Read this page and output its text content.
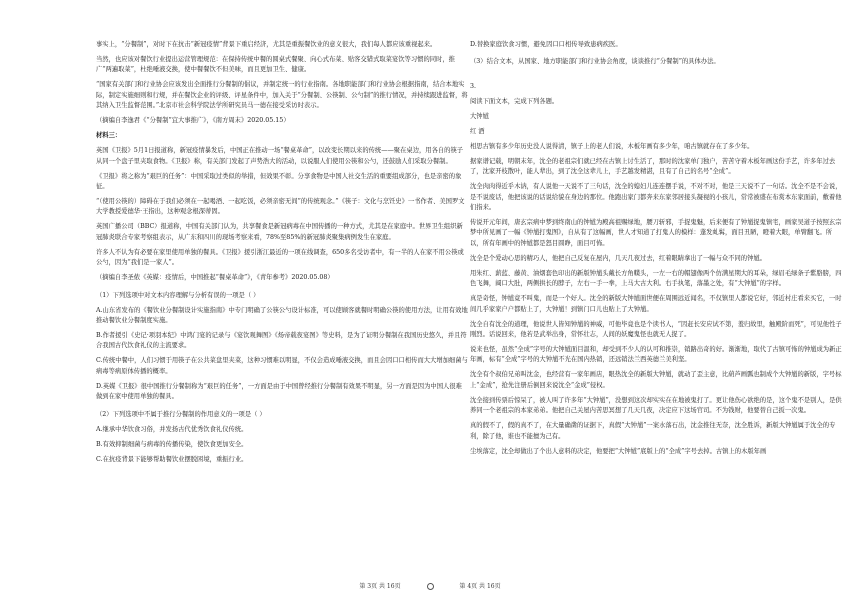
事实上，“分餐制”，对时下在抗击“新冠疫情”背景下重启经济，尤其是重振餐饮业的意义很大，我们每人都应该重视起来。

当然，也应该对餐饮行业提出运营管理规范：在保持传统中餐的圆桌式餐聚、向心式布菜、贴客交错式取菜宴饮等习惯的同时，推广“两遍取菜”，杜绝唾液交换，使中餐餐饮不但美味，而且更加卫生、健康。

“国家有关部门和行业协会应该发出全面推行分餐制的倡议，并制定统一的行业指南。各地职能部门和行业协会根据指南，结合本地实际，制定实施细则和行规，并在餐饮企业的评级、评星条件中，加入关于“分餐制、公筷制、公勺制”的推行情况，并持续跟进监督，将其纳入卫生监督范围。”北京市社会科学院法学所研究员马一德在接受采访时表示。

（摘编自李逸君《“分餐制”宜大事推广》，《南方周末》2020.05.15）

材料三：

英国《卫报》5月1日报道称，新冠疫情暴发后，中国正在推动一场“餐桌革命”，以改变长期以来的传统——聚在桌边，用各自的筷子从同一个盘子里夹取食物。《卫报》称，有关部门发起了声势浩大的活动，以说服人们使用公筷和公勺，还鼓励人们采取分餐制。

《卫报》将之称为“艰巨的任务”：中国采取过类似的举措，但效果不彰。分享食物是中国人社交生活的重要组成部分，也是亲密的象征。

“（使用公筷的）障碍在于我们必须在一起喝酒、一起吃饭，必须亲密无间”的传统观念。”《筷子：文化与烹饪史》一书作者、美国罗文大学教授爱德华·王指出，这种观念根深蒂固。

英国广播公司（BBC）报道称，中国有关部门认为，共享餐食是新冠病毒在中国传播的一种方式，尤其是在家庭中。世界卫生组织新冠肺炎联合专家考察组表示，从广东和四川的现场考察来看，78%至85%的新冠肺炎聚集病例发生在家庭。

许多人不认为有必要在家里使用单独的餐具。《卫报》援引浙江最近的一项在线调查，650多名受访者中，有一半的人在家不用公筷或公勺，因为“我们是一家人”。

（摘编自李圣侬《英媒：疫情后，中国推起“餐桌革命”》，《青年参考》2020.05.08）

（1）下列选项中对文本内容理解与分析有误的一项是（ ）

A.山东省发布的《餐饮业分餐制设计实施指南》中专门明确了公筷公勺设计标准，可以使顾客就餐时明确公筷的使用方法，让用有效地推动餐饮业分餐制度实施。

B.作者援引《史记·项羽本纪》中鸿门宴的记录与《宴饮观舞图》《炀帝载夜宴图》等史料，是为了证明分餐制在我国历史悠久，并且符合我国古代饮食礼仪的主流要求。

C.传统中餐中，人们习惯于用筷子在公共菜盘里夹菜，这种习惯难以明显，不仅会造成唾液交换，而且会因口口相传而大大增加细菌与病毒等病原体传播的概率。

D.英媒《卫报》很中国推行分餐制称为“艰巨的任务”，一方面是由于中国曾经推行分餐制有效果不明显，另一方面是因为中国人很难做到在家中使用单独的餐具。

（2）下列选项中不属于推行分餐制的作用意义的一项是（ ）

A.继承中华饮食习俗，并发扬古代优秀饮食礼仪传统。

B.有效抑制细菌与病毒的传播传染，使饮食更加安全。

C.在抗疫背景下能够帮助餐饮业摆脱困境，重振行业。

D.替换家庭饮食习惯，避免因口口相传导致患病疾医。

（3）结合文本，从国家、地方职能部门和行业协会角度，谈谈推行“分餐制”的具体办法。

3.

阅读下面文本，完成下列各题。

大钟馗

红 酒

相思古镇有多少年历史没人说得清，镇子上的老人们说，木板年画有多少年，咱古镇就存在了多少年。

据家谱记载，明朝末年，沈全的老祖宗们就已经在古镇上讨生活了，那时的沈家单门独户，苦苦守着木板年画这份手艺，许多年过去了，沈家开枝散叶，能人辈出，到了沈全这辈儿上，手艺越发精湛，且有了自己的名号“全成”。

沈全肉肉得近乎木讷，有人说他一天说不了三句话，沈全的媳妇儿连连摆手说，不对不对，他是三天说不了一句话。沈全不是不会说，是不说废话，他把该说的话说给貌在身边的那位。他跑出家门都奔来东家邻居接头凝视的小孩儿，常常被盛在布赏本东家面前，敷着他们指来。

传说开元年间，唐玄宗病中梦到终南山的钟馗为殿高祖赐绿地，腰刀斩邪，手捉鬼魅，后来便有了钟馗捉鬼镇宅，画家吴道子按照玄宗梦中所见画了一幅《钟馗打鬼图》，自从有了这幅画，世人才知道了打鬼人的模样：蓬发虬髯，面目丑陋，瞪着大眼，单臂翻飞。所以，所有年画中的钟馗都是怒目圆睁，面目可怖。

沈全是个爱动心思的精巧人，他把自己反复在屋内，几天几夜过去，红着眼睛拿出了一幅与众不同的钟馗。

用朱红、薪蓝、藤黄、油烟套色印出的新版钟馗头戴长方角幞头，一左一右的帽翅像两个仿满星期大的耳朵，绿眉毛绿条子紫胳膀，四色飞舞，阔口大肚，两侧拱长的脖子，左右一手一拳，上马大古大利。右手执笔，落墨之处，有“大钟馗”的字样。

真是奇怪，钟馗竟不叫鬼，而是一个好人。沈全的新版大钟馗面世便在周围远近闻名，不仅镇里人都说它好，邻近村庄看来买它，一时间几乎家家户户都贴上了，大钟馗！到镇门口儿也贴上了大钟馗。

沈全自有沈全的道理，他说世人皆知钟馗的神威，可他毕竟也是个读书人，“因赶长安应试不第，羞归故里，触殿阶而死”，可见他性子刚烈。话说回来，他若是武举出身，常怀壮志，人间的妖魔鬼怪也就无人捉了。

说来也怪，虽然“全成”字号的大钟馗面目温和，却受到不少人的认可和推崇，销路出奇的好。渐渐地，取代了古镇可怖的钟馗成为新正年画，标有“全成”字号的大钟馗不光在国内热销，还远销法兰西英德兰美利坚。

沈全有个叔伯兄弟叫沈金，也经营有一家年画店，眼热沈全的新版大钟馗，就动了歪主意，比葫芦画瓢也制成个大钟馗的新版，字号标上“金成”，抢先注册后倒回来说沈全“金成”侵权。

沈全接到传票后惊呆了，被人叫了许多年“大钟馗”，没想到这次却实实在在地被鬼打了。更让他伤心欲绝的是，这个鬼不是别人，是供养同一个老祖宗的本家弟弟。他把自己关屋内苦思冥想了几天几夜，决定应下这场官司。不为钱财，他要替自己扳一次鬼。

真的假不了，假的真不了，在大量确凿的证据下，真假“大钟馗”一案水落石出，沈金推往无奈，沈全胜诉，新版大钟馗属于沈全的专利，除了他，谁也不能擅为己有。

尘埃落定，沈全却做出了个出人意料的决定，他要把“大钟馗”底版上的“全成”字号去掉。古镇上的木版年画

第 3页 共 16页	第 4页 共 16页
